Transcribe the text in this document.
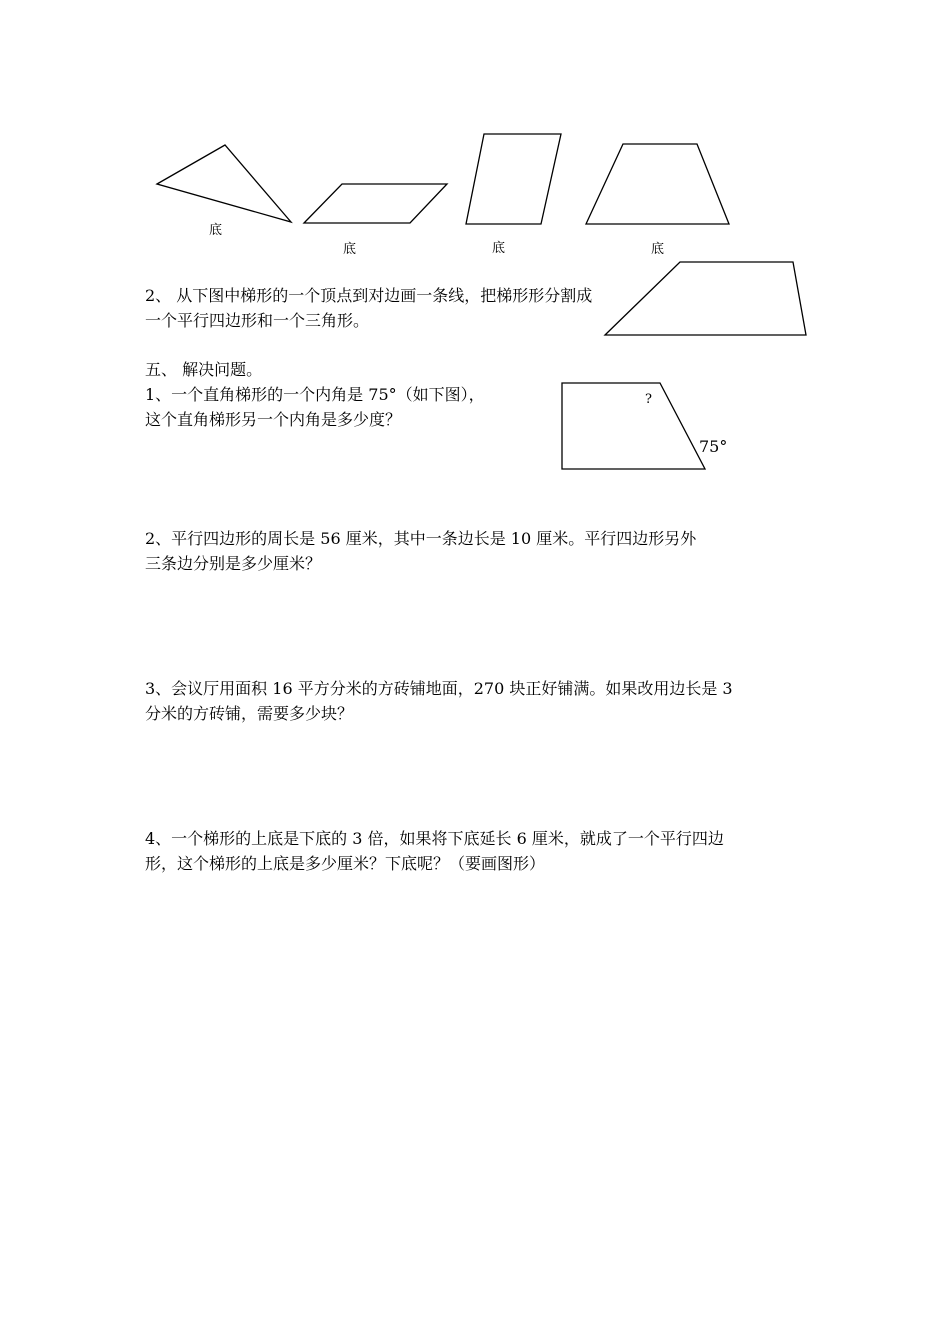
底
底	底	底
2、 从下图中梯形的一个顶点到对边画一条线，把梯形形分割成
一个平行四边形和一个三角形。
五、 解决问题。
1、一个直角梯形的一个内角是 75°（如下图），
这个直角梯形另一个内角是多少度？
?
75°
2、平行四边形的周长是 56 厘米，其中一条边长是 10 厘米。平行四边形另外
三条边分别是多少厘米？
3、会议厅用面积 16 平方分米的方砖铺地面，270 块正好铺满。如果改用边长是 3
分米的方砖铺，需要多少块？
4、一个梯形的上底是下底的 3 倍，如果将下底延长 6 厘米，就成了一个平行四边
形，这个梯形的上底是多少厘米？下底呢？（要画图形）
